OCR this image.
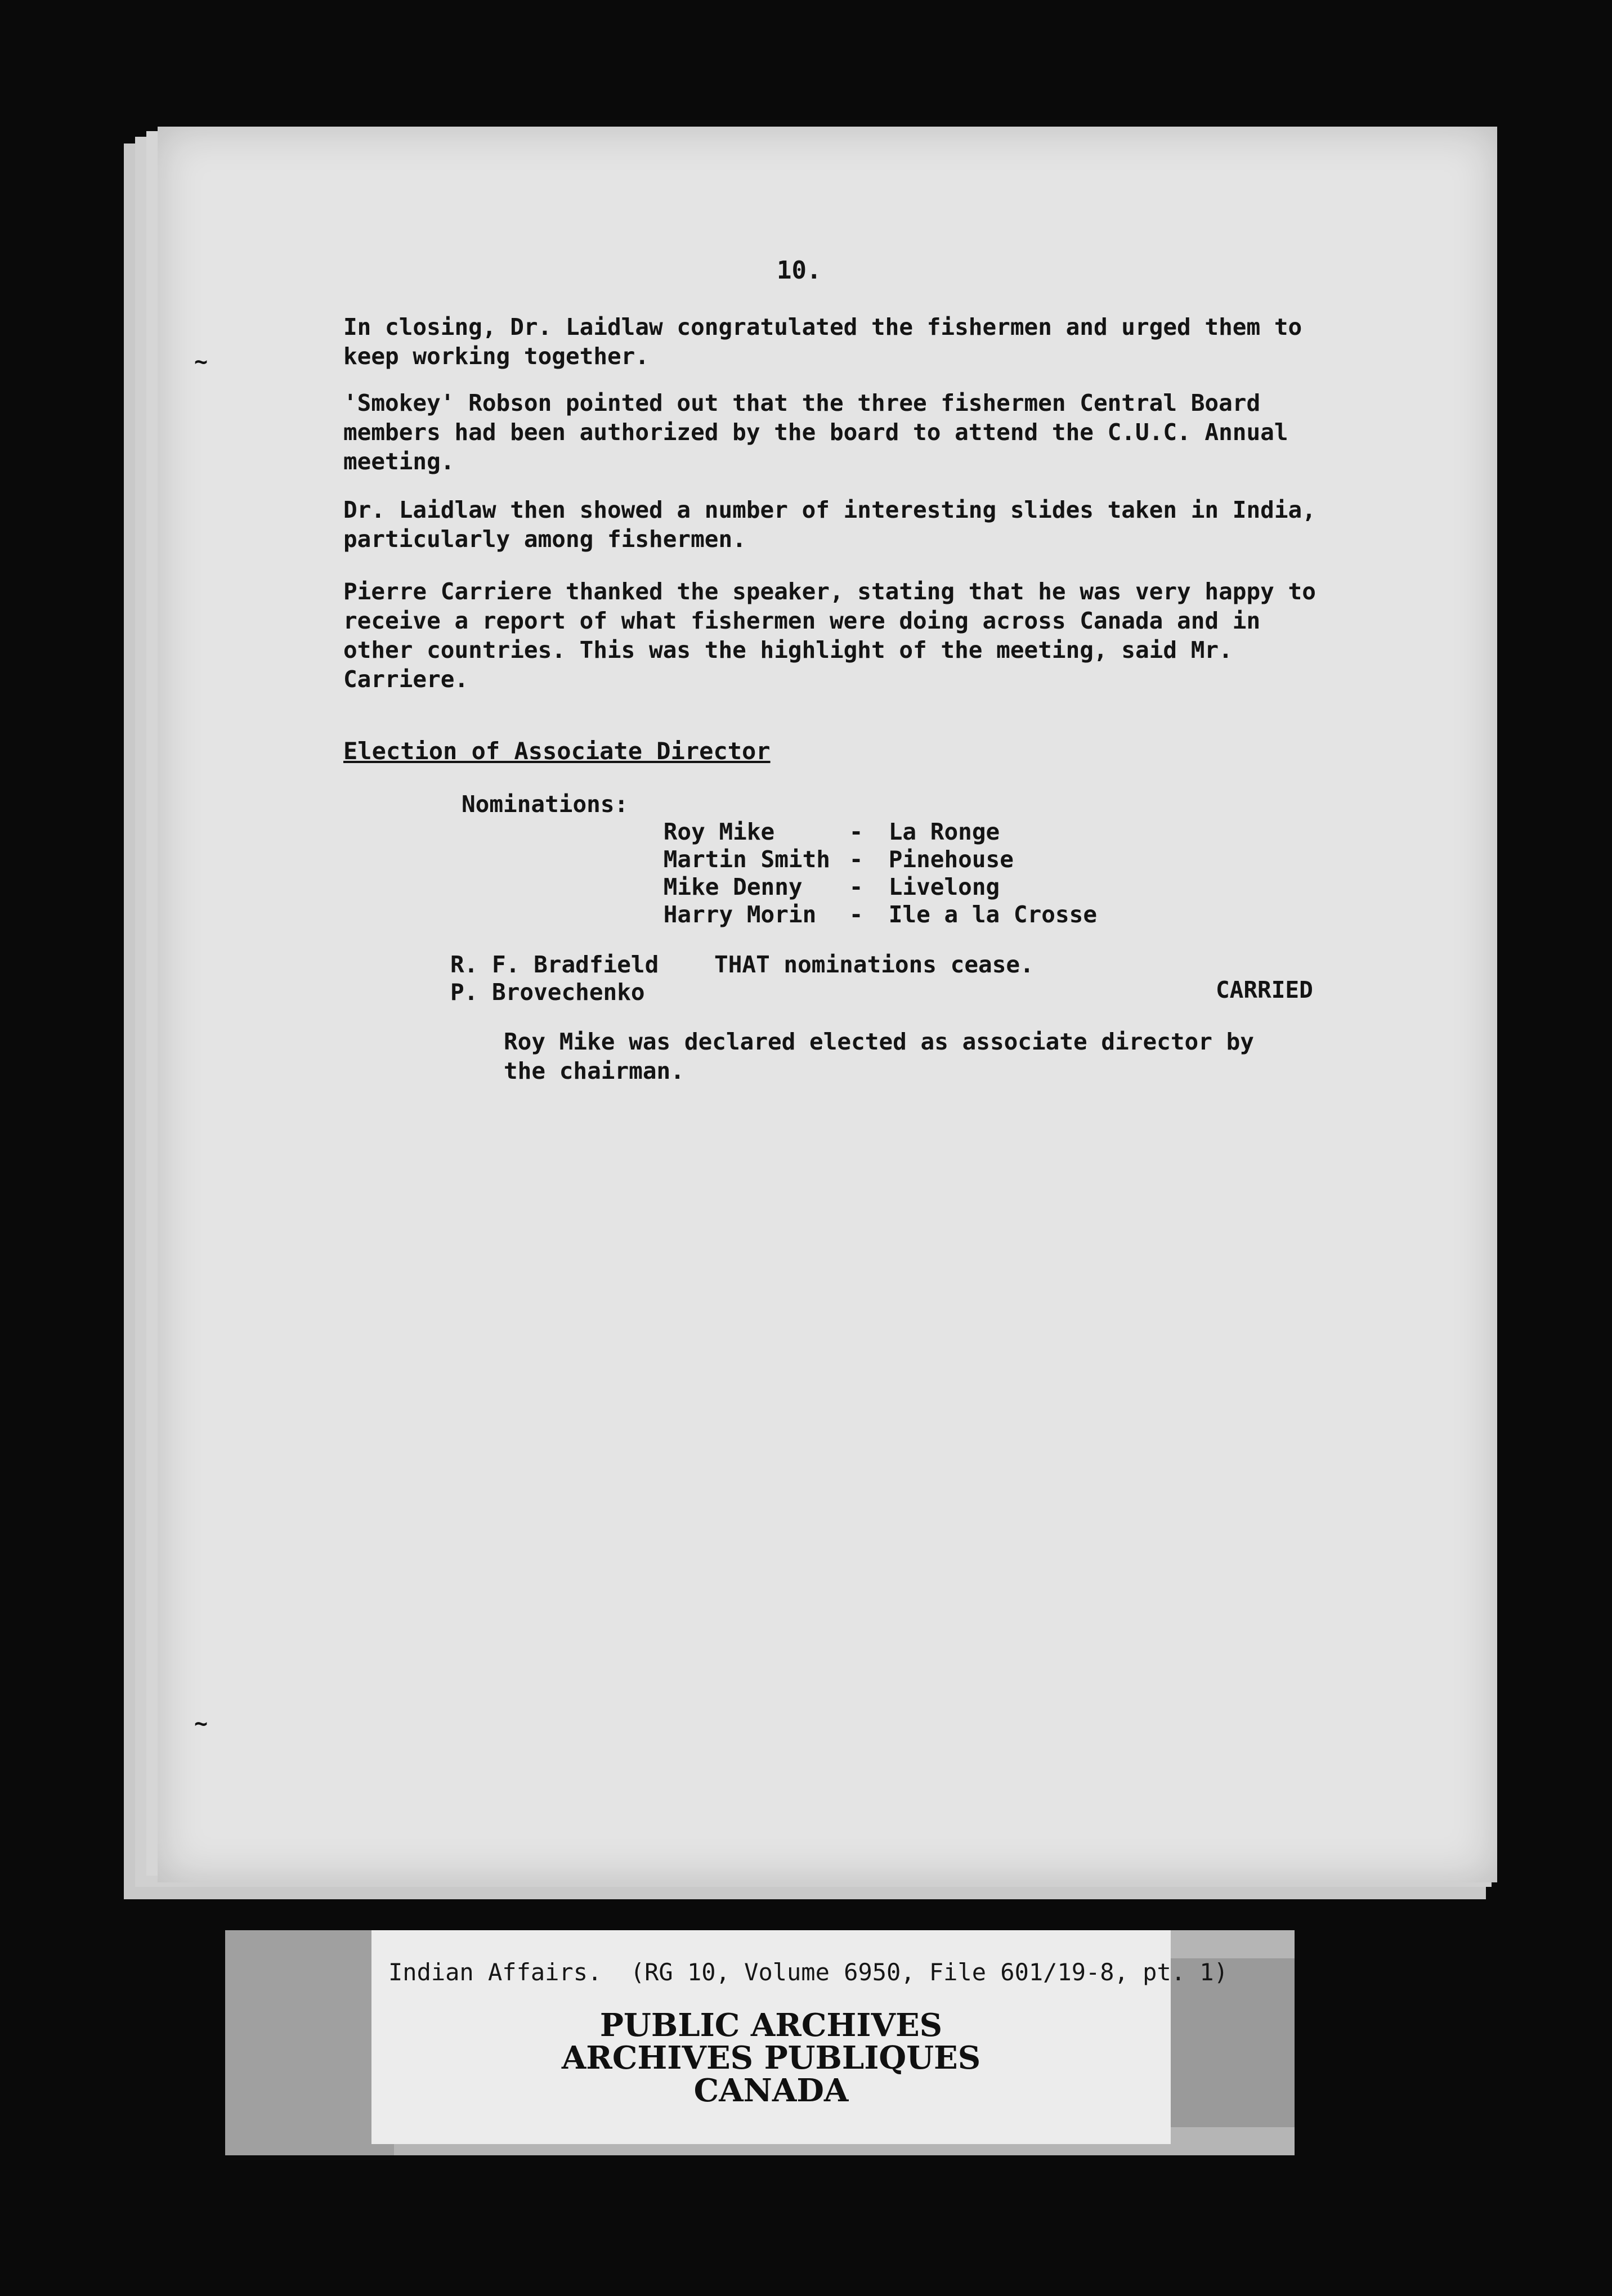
~
~
10.
In closing, Dr. Laidlaw congratulated the fishermen and urged them to keep working together.
'Smokey' Robson pointed out that the three fishermen Central Board members had been authorized by the board to attend the C.U.C. Annual meeting.
Dr. Laidlaw then showed a number of interesting slides taken in India, particularly among fishermen.
Pierre Carriere thanked the speaker, stating that he was very happy to receive a report of what fishermen were doing across Canada and in other countries. This was the highlight of the meeting, said Mr. Carriere.
Election of Associate Director
Nominations:

Roy Mike	- La Ronge

Martin Smith - Pinehouse

Mike Denny - Livelong

Harry Morin - Ile a la Crosse

R. F. Bradfield THAT nominations cease.
P. Brovechenko	CARRIED
Roy Mike was declared elected as associate director by the chairman.
Indian Affairs.  (RG 10, Volume 6950, File 601/19-8, pt. 1)
PUBLIC ARCHIVES
ARCHIVES PUBLIQUES
CANADA
